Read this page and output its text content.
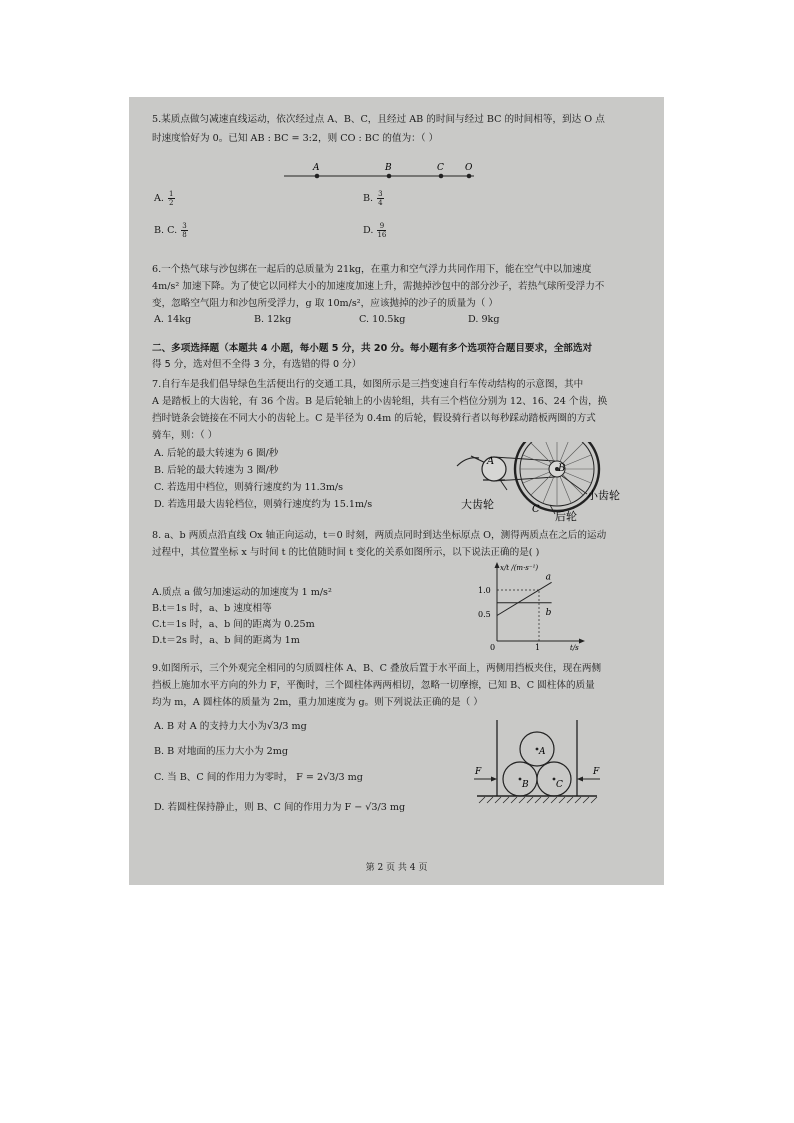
5.某质点做匀减速直线运动，依次经过点 A、B、C，且经过 AB 的时间与经过 BC 的时间相等，到达 O 点
时速度恰好为 0。已知 AB : BC = 3:2，则 CO : BC 的值为：（ ）
A	B	C O
A. $\frac{1}{2}$	B. $\frac{3}{4}$
B. C. $\frac{3}{8}$	D. $\frac{9}{16}$
6.一个热气球与沙包绑在一起后的总质量为 21kg，在重力和空气浮力共同作用下，能在空气中以加速度
4m/s² 加速下降。为了使它以同样大小的加速度加速上升，需抛掉沙包中的部分沙子，若热气球所受浮力不
变，忽略空气阻力和沙包所受浮力，g 取 10m/s²，应该抛掉的沙子的质量为（ ）
A. 14kg	B. 12kg	C. 10.5kg	D. 9kg
二、多项选择题（本题共 4 小题，每小题 5 分，共 20 分。每小题有多个选项符合题目要求，全部选对
得 5 分，选对但不全得 3 分，有选错的得 0 分）
7.自行车是我们倡导绿色生活便出行的交通工具，如图所示是三挡变速自行车传动结构的示意图，其中
A 是踏板上的大齿轮，有 36 个齿。B 是后轮轴上的小齿轮组，共有三个档位分别为 12、16、24 个齿，换
挡时链条会链接在不同大小的齿轮上。C 是半径为 0.4m 的后轮，假设骑行者以每秒踩动踏板两圈的方式
骑车，则：（ ）
A. 后轮的最大转速为 6 圈/秒
B. 后轮的最大转速为 3 圈/秒
C. 若选用中档位，则骑行速度约为 11.3m/s
D. 若选用最大齿轮档位，则骑行速度约为 15.1m/s
A
B
C
大齿轮
小齿轮
后轮
8. a、b 两质点沿直线 Ox 轴正向运动，t＝0 时刻，两质点同时到达坐标原点 O，测得两质点在之后的运动
过程中，其位置坐标 x 与时间 t 的比值随时间 t 变化的关系如图所示，以下说法正确的是( )
A.质点 a 做匀加速运动的加速度为 1 m/s²
B.t＝1s 时，a、b 速度相等
C.t＝1s 时，a、b 间的距离为 0.25m
D.t＝2s 时，a、b 间的距离为 1m
x/t /(m·s⁻¹)
t/s
1.0
0.5
0	1
a
b
9.如图所示，三个外观完全相同的匀质圆柱体 A、B、C 叠放后置于水平面上，两侧用挡板夹住，现在两侧
挡板上施加水平方向的外力 F，平衡时，三个圆柱体两两相切，忽略一切摩擦，已知 B、C 圆柱体的质量
均为 m，A 圆柱体的质量为 2m，重力加速度为 g。则下列说法正确的是（ ）
A. B 对 A 的支持力大小为√3/3 mg
B. B 对地面的压力大小为 2mg
C. 当 B、C 间的作用力为零时， F = 2√3/3 mg
D. 若圆柱保持静止，则 B、C 间的作用力为 F − √3/3 mg
A
B	C
F	F
第 2 页 共 4 页
